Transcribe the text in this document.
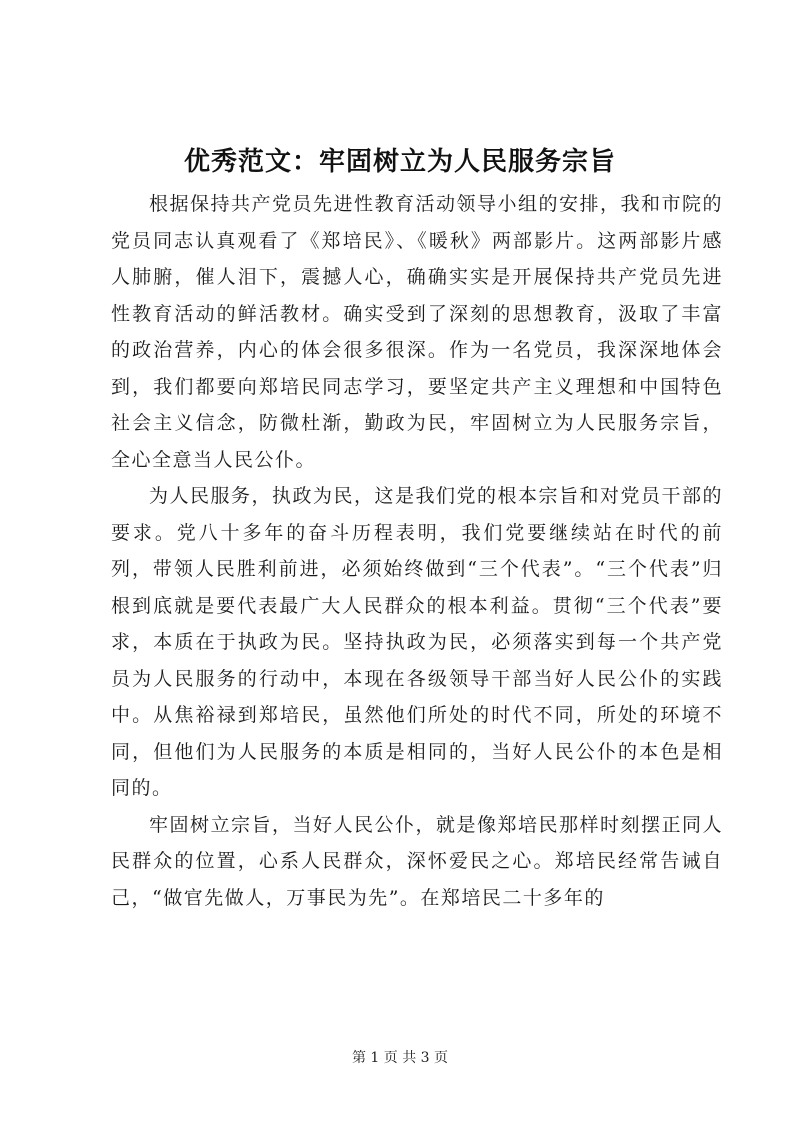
优秀范文：牢固树立为人民服务宗旨

根据保持共产党员先进性教育活动领导小组的安排，我和市院的党员同志认真观看了《郑培民》、《暖秋》两部影片。这两部影片感人肺腑，催人泪下，震撼人心，确确实实是开展保持共产党员先进性教育活动的鲜活教材。确实受到了深刻的思想教育，汲取了丰富的政治营养，内心的体会很多很深。作为一名党员，我深深地体会到，我们都要向郑培民同志学习，要坚定共产主义理想和中国特色社会主义信念，防微杜渐，勤政为民，牢固树立为人民服务宗旨，全心全意当人民公仆。

为人民服务，执政为民，这是我们党的根本宗旨和对党员干部的要求。党八十多年的奋斗历程表明，我们党要继续站在时代的前列，带领人民胜利前进，必须始终做到“三个代表”。“三个代表”归根到底就是要代表最广大人民群众的根本利益。贯彻“三个代表”要求，本质在于执政为民。坚持执政为民，必须落实到每一个共产党员为人民服务的行动中，本现在各级领导干部当好人民公仆的实践中。从焦裕禄到郑培民，虽然他们所处的时代不同，所处的环境不同，但他们为人民服务的本质是相同的，当好人民公仆的本色是相同的。

牢固树立宗旨，当好人民公仆，就是像郑培民那样时刻摆正同人民群众的位置，心系人民群众，深怀爱民之心。郑培民经常告诫自己，“做官先做人，万事民为先”。在郑培民二十多年的

第 1 页 共 3 页
